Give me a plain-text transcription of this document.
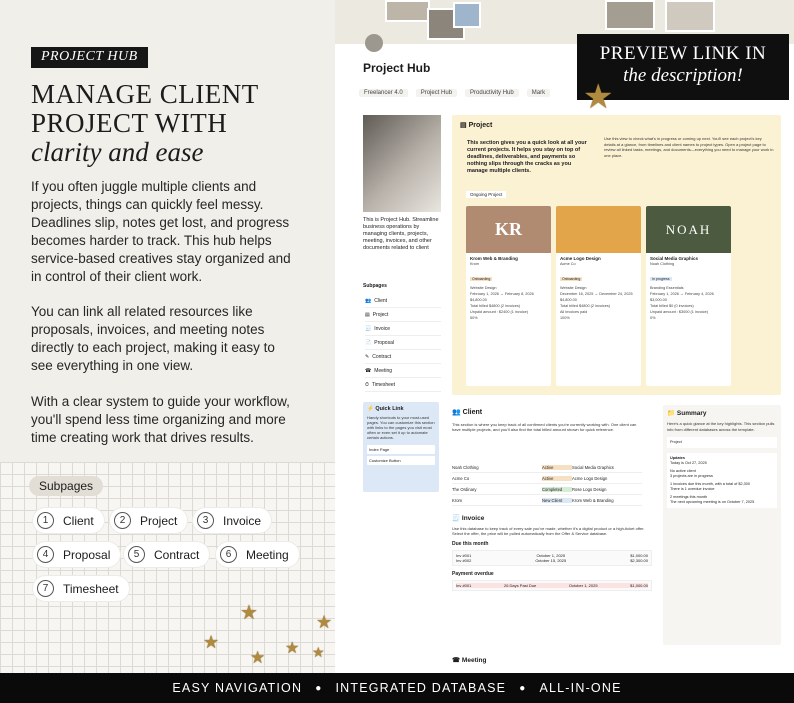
PROJECT HUB
MANAGE CLIENT
PROJECT WITH
clarity and ease
If you often juggle multiple clients and projects, things can quickly feel messy. Deadlines slip, notes get lost, and progress becomes harder to track. This hub helps service-based creatives stay organized and in control of their client work.
You can link all related resources like proposals, invoices, and meeting notes directly to each project, making it easy to see everything in one view.
With a clear system to guide your workflow, you'll spend less time organizing and more time creating work that drives results.
Subpages
1	Client	2	Project	3	Invoice
4	Proposal	5	Contract	6	Meeting
7	Timesheet
★
★
★ ★
★
★
Project Hub
Freelancer 4.0	Project Hub	Productivity Hub	Mark
This is Project Hub. Streamline business operations by managing clients, projects, meeting, invoices, and other documents related to client
Subpages
👥 Client
▤ Project
🧾 Invoice
📄 Proposal
✎ Contract
☎ Meeting
⏱ Timesheet
⚡ Quick Link
Handy shortcuts to your most-used pages. You can customize this section with links to the pages you visit most often or even set it up to automate certain actions.
Index Page
Customize Button
▤ Project
This section gives you a quick look at all your current projects. It helps you stay on top of deadlines, deliverables, and payments so nothing slips through the cracks as you manage multiple clients.
Use this view to check what's in progress or coming up next. You'll see each project's key details at a glance, from timelines and client names to project types. Open a project page to review all linked tasks, meetings, and documents—everything you need to manage your work in one place.
Ongoing Project
KR
Krom Web & Branding
Krom
Onboarding
Website Design
February 1, 2026 → February 8, 2026
$4,800.00
Total billed $4800 (2 invoices)
Unpaid amount : $2400 (1 invoice)
50%
Acme Logo Design
Acme Co
Onboarding
Website Design
December 16, 2025 → December 24, 2025
$4,800.00
Total billed $4800 (2 invoices)
All invoices paid
100%
NOAH
Social Media Graphics
Noah Clothing
In progress
Branding Essentials
February 1, 2026 → February 4, 2026
$3,000.00
Total billed $0 (0 invoices)
Unpaid amount : $3000 (1 invoice)
0%
👥 Client
This section is where you keep track of all confirmed clients you're currently working with. One client can have multiple projects, and you'll also find the total billed amount shown for quick reference.
Noah Clothing	Active	Social Media Graphics
Acme Co	Active	Acme Logo Design
The Ordinary	Completed	Rose Logo Design
Krom	New Client	Krom Web & Branding
📁 Summary
Here's a quick glance at the key highlights. This section pulls info from different databases across the template.
Project
Updates
Today is Oct 27, 2025
No active client
3 projects are in progress
1 invoices due this month, with a total of $2,300
There is 1 overdue invoice
2 meetings this month
The next upcoming meeting is on October 7, 2025
🧾 Invoice
Use this database to keep track of every sale you've made, whether it's a digital product or a high-ticket offer. Select the offer, the price will be pulled automatically from the Offer & Service database.
Due this month
Inv #001	October 1, 2025	$1,000.00
Inv #002	October 15, 2025	$2,300.00
Payment overdue
Inv #001	26 Days Past Due	October 1, 2025	$1,000.00
☎ Meeting
PREVIEW LINK IN
the description!
★
EASY NAVIGATION ● INTEGRATED DATABASE ● ALL-IN-ONE
